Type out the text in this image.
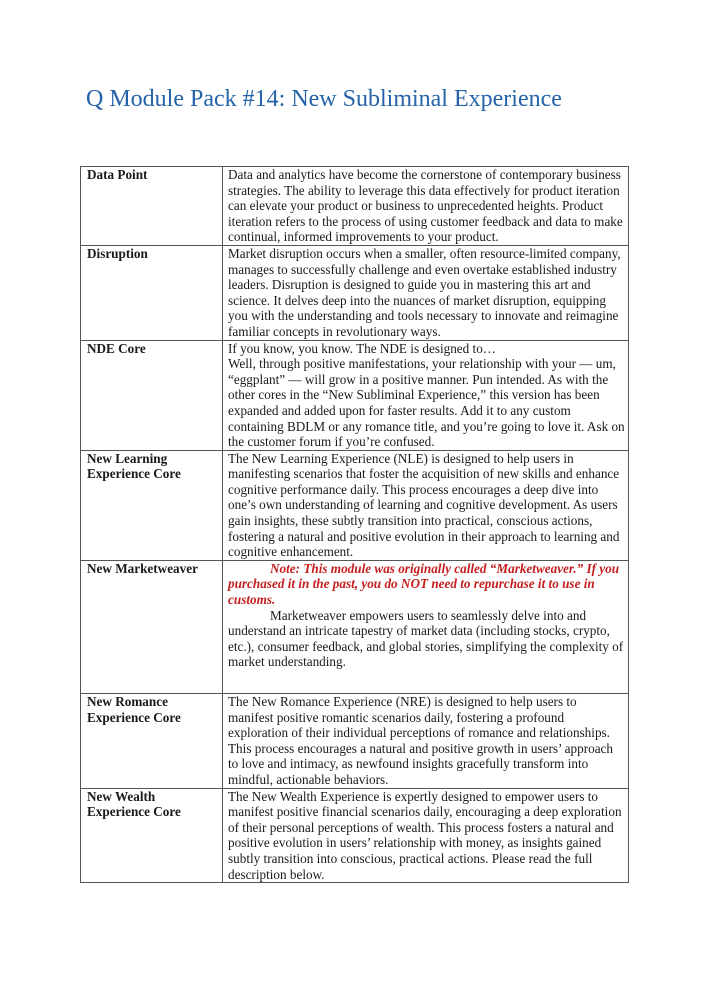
Q Module Pack #14: New Subliminal Experience
Data Point	Data and analytics have become the cornerstone of contemporary business strategies. The ability to leverage this data effectively for product iteration can elevate your product or business to unprecedented heights. Product iteration refers to the process of using customer feedback and data to make continual, informed improvements to your product.

Disruption	Market disruption occurs when a smaller, often resource-limited company, manages to successfully challenge and even overtake established industry leaders. Disruption is designed to guide you in mastering this art and science. It delves deep into the nuances of market disruption, equipping you with the understanding and tools necessary to innovate and reimagine familiar concepts in revolutionary ways.

NDE Core	If you know, you know. The NDE is designed to…

Well, through positive manifestations, your relationship with your — um, “eggplant” — will grow in a positive manner. Pun intended. As with the other cores in the “New Subliminal Experience,” this version has been expanded and added upon for faster results. Add it to any custom containing BDLM or any romance title, and you’re going to love it. Ask on the customer forum if you’re confused.

New Learning Experience Core	The New Learning Experience (NLE) is designed to help users in manifesting scenarios that foster the acquisition of new skills and enhance cognitive performance daily. This process encourages a deep dive into one’s own understanding of learning and cognitive development. As users gain insights, these subtly transition into practical, conscious actions, fostering a natural and positive evolution in their approach to learning and cognitive enhancement.

New Marketweaver	Note: This module was originally called “Marketweaver.” If you purchased it in the past, you do NOT need to repurchase it to use in customs.

Marketweaver empowers users to seamlessly delve into and understand an intricate tapestry of market data (including stocks, crypto, etc.), consumer feedback, and global stories, simplifying the complexity of market understanding.

New Romance Experience Core	The New Romance Experience (NRE) is designed to help users to manifest positive romantic scenarios daily, fostering a profound exploration of their individual perceptions of romance and relationships. This process encourages a natural and positive growth in users’ approach to love and intimacy, as newfound insights gracefully transform into mindful, actionable behaviors.

New Wealth Experience Core	The New Wealth Experience is expertly designed to empower users to manifest positive financial scenarios daily, encouraging a deep exploration of their personal perceptions of wealth. This process fosters a natural and positive evolution in users’ relationship with money, as insights gained subtly transition into conscious, practical actions. Please read the full description below.
